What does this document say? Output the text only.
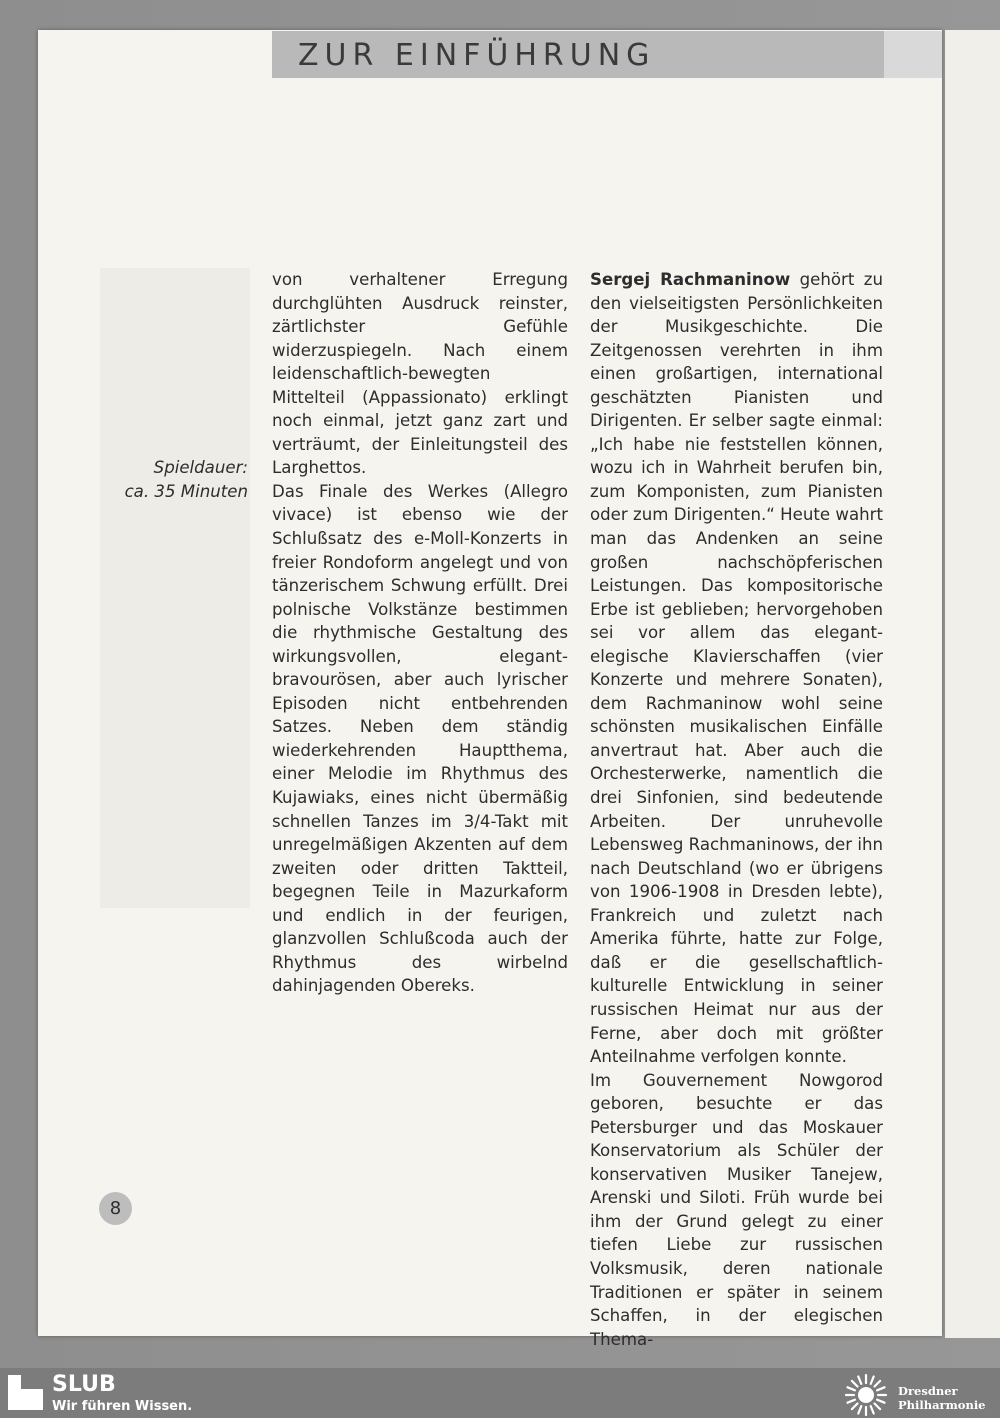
ZUR EINFÜHRUNG
Spieldauer:
ca. 35 Minuten

von verhaltener Erregung durchglühten Ausdruck reinster, zärtlichster Gefühle widerzuspiegeln. Nach einem leidenschaftlich-bewegten Mittelteil (Appassionato) erklingt noch einmal, jetzt ganz zart und verträumt, der Einleitungsteil des Larghettos.

Das Finale des Werkes (Allegro vivace) ist ebenso wie der Schlußsatz des e-Moll-Konzerts in freier Rondoform angelegt und von tänzerischem Schwung erfüllt. Drei polnische Volkstänze bestimmen die rhythmische Gestaltung des wirkungsvollen, elegant-bravourösen, aber auch lyrischer Episoden nicht entbehrenden Satzes. Neben dem ständig wiederkehrenden Hauptthema, einer Melodie im Rhythmus des Kujawiaks, eines nicht übermäßig schnellen Tanzes im 3/4-Takt mit unregelmäßigen Akzenten auf dem zweiten oder dritten Taktteil, begegnen Teile in Mazurkaform und endlich in der feurigen, glanzvollen Schlußcoda auch der Rhythmus des wirbelnd dahinjagenden Obereks.

Sergej Rachmaninow gehört zu den vielseitigsten Persönlichkeiten der Musikgeschichte. Die Zeitgenossen verehrten in ihm einen großartigen, international geschätzten Pianisten und Dirigenten. Er selber sagte einmal: „Ich habe nie feststellen können, wozu ich in Wahrheit berufen bin, zum Komponisten, zum Pianisten oder zum Dirigenten.“ Heute wahrt man das Andenken an seine großen nachschöpferischen Leistungen. Das kompositorische Erbe ist geblieben; hervorgehoben sei vor allem das elegant-elegische Klavierschaffen (vier Konzerte und mehrere Sonaten), dem Rachmaninow wohl seine schönsten musikalischen Einfälle anvertraut hat. Aber auch die Orchesterwerke, namentlich die drei Sinfonien, sind bedeutende Arbeiten. Der unruhevolle Lebensweg Rachmaninows, der ihn nach Deutschland (wo er übrigens von 1906-1908 in Dresden lebte), Frankreich und zuletzt nach Amerika führte, hatte zur Folge, daß er die gesellschaftlich-kulturelle Entwicklung in seiner russischen Heimat nur aus der Ferne, aber doch mit größter Anteilnahme verfolgen konnte.

Im Gouvernement Nowgorod geboren, besuchte er das Petersburger und das Moskauer Konservatorium als Schüler der konservativen Musiker Tanejew, Arenski und Siloti. Früh wurde bei ihm der Grund gelegt zu einer tiefen Liebe zur russischen Volksmusik, deren nationale Traditionen er später in seinem Schaffen, in der elegischen Thema-

8
SLUB
Wir führen Wissen.
Dresdner
Philharmonie
